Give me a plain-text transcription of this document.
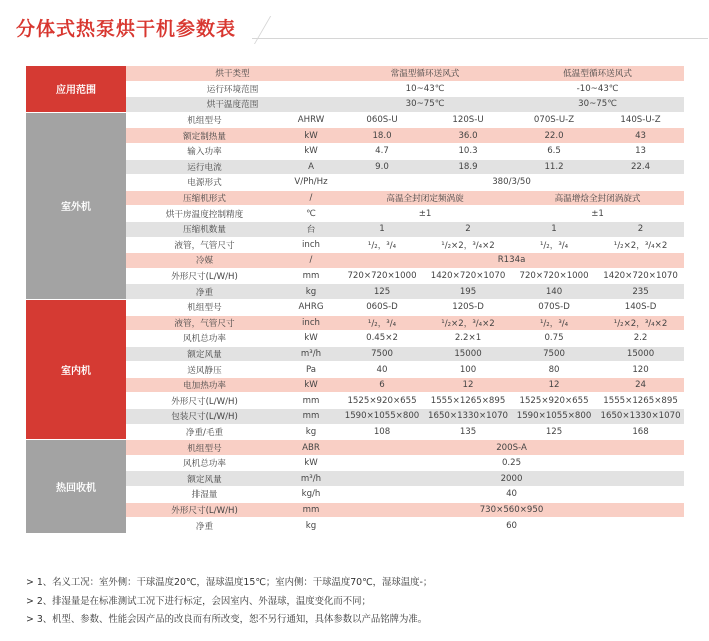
分体式热泵烘干机参数表
应用范围	烘干类型		常温型循环送风式		低温型循环送风式	
	运行环境范围		10~43℃		-10~43℃	
	烘干温度范围		30~75℃		30~75℃	
室外机	机组型号	AHRW	060S-U	120S-U	070S-U-Z	140S-U-Z
	额定制热量	kW	18.0	36.0	22.0	43
	输入功率	kW	4.7	10.3	6.5	13
	运行电流	A	9.0	18.9	11.2	22.4
	电源形式	V/Ph/Hz	380/3/50			
	压缩机形式	/	高温全封闭定频涡旋		高温增焓全封闭涡旋式	
	烘干房温度控制精度	℃	±1		±1	
	压缩机数量	台	1	2	1	2
	液管，气管尺寸	inch	¹/₂，³/₄	¹/₂×2，³/₄×2	¹/₂，³/₄	¹/₂×2，³/₄×2
	冷媒	/	R134a			
	外形尺寸(L/W/H)	mm	720×720×1000	1420×720×1070	720×720×1000	1420×720×1070
	净重	kg	125	195	140	235
室内机	机组型号	AHRG	060S-D	120S-D	070S-D	140S-D
	液管，气管尺寸	inch	¹/₂，³/₄	¹/₂×2，³/₄×2	¹/₂，³/₄	¹/₂×2，³/₄×2
	风机总功率	kW	0.45×2	2.2×1	0.75	2.2
	额定风量	m³/h	7500	15000	7500	15000
	送风静压	Pa	40	100	80	120
	电加热功率	kW	6	12	12	24
	外形尺寸(L/W/H)	mm	1525×920×655	1555×1265×895	1525×920×655	1555×1265×895
	包装尺寸(L/W/H)	mm	1590×1055×800	1650×1330×1070	1590×1055×800	1650×1330×1070
	净重/毛重	kg	108	135	125	168
热回收机	机组型号	ABR	200S-A			
	风机总功率	kW	0.25			
	额定风量	m³/h	2000			
	排湿量	kg/h	40			
	外形尺寸(L/W/H)	mm	730×560×950			
	净重	kg	60			
> 1、名义工况：室外侧：干球温度20℃，湿球温度15℃；室内侧：干球温度70℃，湿球温度-；
> 2、排湿量是在标准测试工况下进行标定，会因室内、外湿球，温度变化而不同；
> 3、机型、参数、性能会因产品的改良而有所改变，恕不另行通知，具体参数以产品铭牌为准。
